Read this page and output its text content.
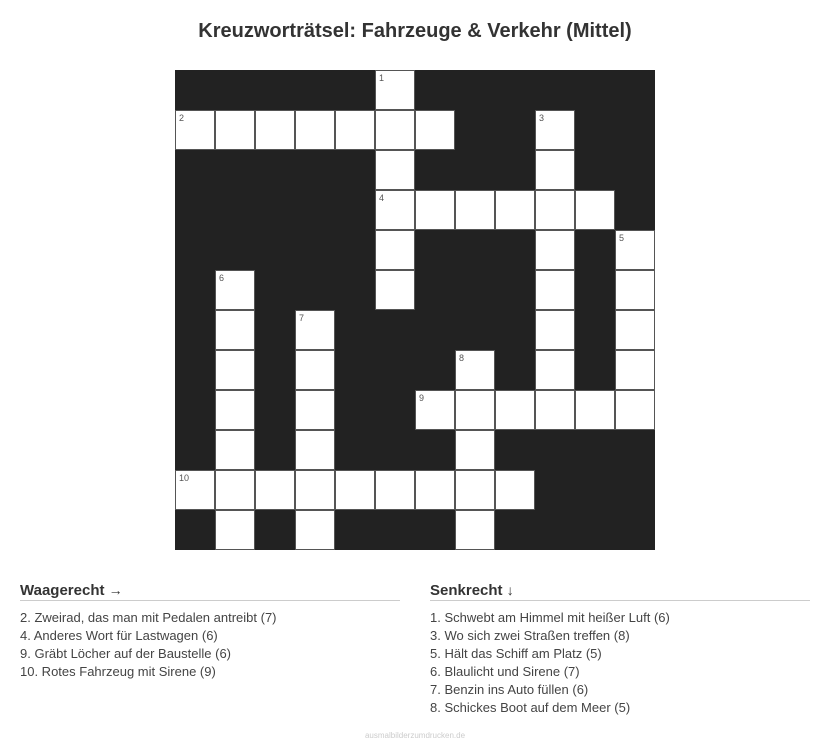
Kreuzworträtsel: Fahrzeuge & Verkehr (Mittel)
1
2	3
4
5
6
7
8
9
10
Waagerecht →
2. Zweirad, das man mit Pedalen antreibt (7)
4. Anderes Wort für Lastwagen (6)
9. Gräbt Löcher auf der Baustelle (6)
10. Rotes Fahrzeug mit Sirene (9)
Senkrecht ↓
1. Schwebt am Himmel mit heißer Luft (6)
3. Wo sich zwei Straßen treffen (8)
5. Hält das Schiff am Platz (5)
6. Blaulicht und Sirene (7)
7. Benzin ins Auto füllen (6)
8. Schickes Boot auf dem Meer (5)
ausmalbilderzumdrucken.de
